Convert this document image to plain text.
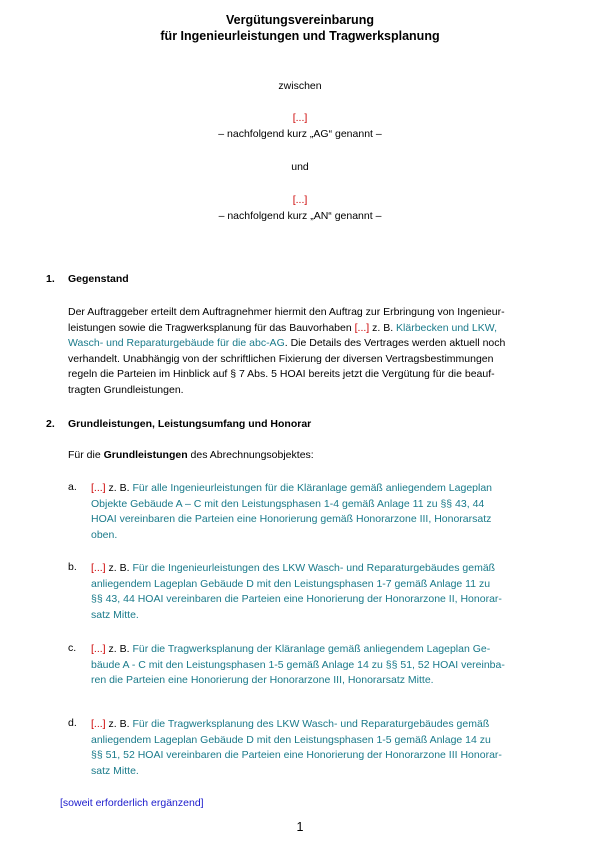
Vergütungsvereinbarung
für Ingenieurleistungen und Tragwerksplanung
zwischen
[...]
– nachfolgend kurz „AG“ genannt –
und
[...]
– nachfolgend kurz „AN“ genannt –
1. Gegenstand
Der Auftraggeber erteilt dem Auftragnehmer hiermit den Auftrag zur Erbringung von Ingenieur-
leistungen sowie die Tragwerksplanung für das Bauvorhaben [...] z. B. Klärbecken und LKW,
Wasch- und Reparaturgebäude für die abc-AG. Die Details des Vertrages werden aktuell noch
verhandelt. Unabhängig von der schriftlichen Fixierung der diversen Vertragsbestimmungen
regeln die Parteien im Hinblick auf § 7 Abs. 5 HOAI bereits jetzt die Vergütung für die beauf-
tragten Grundleistungen.
2. Grundleistungen, Leistungsumfang und Honorar
Für die Grundleistungen des Abrechnungsobjektes:
a. [...] z. B. Für alle Ingenieurleistungen für die Kläranlage gemäß anliegendem Lageplan
Objekte Gebäude A – C mit den Leistungsphasen 1-4 gemäß Anlage 11 zu §§ 43, 44
HOAI vereinbaren die Parteien eine Honorierung gemäß Honorarzone III, Honorarsatz
oben.
b. [...] z. B. Für die Ingenieurleistungen des LKW Wasch- und Reparaturgebäudes gemäß
anliegendem Lageplan Gebäude D mit den Leistungsphasen 1-7 gemäß Anlage 11 zu
§§ 43, 44 HOAI vereinbaren die Parteien eine Honorierung der Honorarzone II, Honorar-
satz Mitte.
c. [...] z. B. Für die Tragwerksplanung der Kläranlage gemäß anliegendem Lageplan Ge-
bäude A - C mit den Leistungsphasen 1-5 gemäß Anlage 14 zu §§ 51, 52 HOAI vereinba-
ren die Parteien eine Honorierung der Honorarzone III, Honorarsatz Mitte.
d. [...] z. B. Für die Tragwerksplanung des LKW Wasch- und Reparaturgebäudes gemäß
anliegendem Lageplan Gebäude D mit den Leistungsphasen 1-5 gemäß Anlage 14 zu
§§ 51, 52 HOAI vereinbaren die Parteien eine Honorierung der Honorarzone III Honorar-
satz Mitte.
[soweit erforderlich ergänzend]
1
